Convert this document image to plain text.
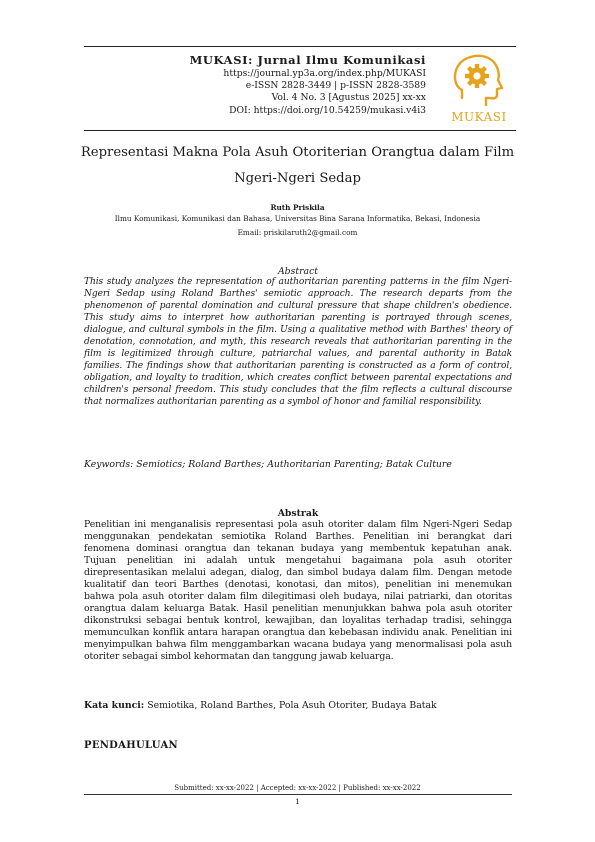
MUKASI: Jurnal Ilmu Komunikasi
https://journal.yp3a.org/index.php/MUKASI
e-ISSN 2828-3449 | p-ISSN 2828-3589
Vol. 4 No. 3 [Agustus 2025] xx-xx
DOI: https://doi.org/10.54259/mukasi.v4i3	MUKASI
Representasi Makna Pola Asuh Otoriterian Orangtua dalam Film
Ngeri-Ngeri Sedap
Ruth Priskila
Ilmu Komunikasi, Komunikasi dan Bahasa, Universitas Bina Sarana Informatika, Bekasi, Indonesia
Email: priskilaruth2@gmail.com
Abstract
This study analyzes the representation of authoritarian parenting patterns in the film Ngeri-Ngeri Sedap using Roland Barthes' semiotic approach. The research departs from the phenomenon of parental domination and cultural pressure that shape children's obedience. This study aims to interpret how authoritarian parenting is portrayed through scenes, dialogue, and cultural symbols in the film. Using a qualitative method with Barthes' theory of denotation, connotation, and myth, this research reveals that authoritarian parenting in the film is legitimized through culture, patriarchal values, and parental authority in Batak families. The findings show that authoritarian parenting is constructed as a form of control, obligation, and loyalty to tradition, which creates conflict between parental expectations and children's personal freedom. This study concludes that the film reflects a cultural discourse that normalizes authoritarian parenting as a symbol of honor and familial responsibility.
Keywords: Semiotics; Roland Barthes; Authoritarian Parenting; Batak Culture
Abstrak
Penelitian ini menganalisis representasi pola asuh otoriter dalam film Ngeri-Ngeri Sedap menggunakan pendekatan semiotika Roland Barthes. Penelitian ini berangkat dari fenomena dominasi orangtua dan tekanan budaya yang membentuk kepatuhan anak. Tujuan penelitian ini adalah untuk mengetahui bagaimana pola asuh otoriter direpresentasikan melalui adegan, dialog, dan simbol budaya dalam film. Dengan metode kualitatif dan teori Barthes (denotasi, konotasi, dan mitos), penelitian ini menemukan bahwa pola asuh otoriter dalam film dilegitimasi oleh budaya, nilai patriarki, dan otoritas orangtua dalam keluarga Batak. Hasil penelitian menunjukkan bahwa pola asuh otoriter dikonstruksi sebagai bentuk kontrol, kewajiban, dan loyalitas terhadap tradisi, sehingga memunculkan konflik antara harapan orangtua dan kebebasan individu anak. Penelitian ini menyimpulkan bahwa film menggambarkan wacana budaya yang menormalisasi pola asuh otoriter sebagai simbol kehormatan dan tanggung jawab keluarga.
Kata kunci: Semiotika, Roland Barthes, Pola Asuh Otoriter, Budaya Batak
PENDAHULUAN
Submitted: xx-xx-2022 | Accepted: xx-xx-2022 | Published: xx-xx-2022
1
